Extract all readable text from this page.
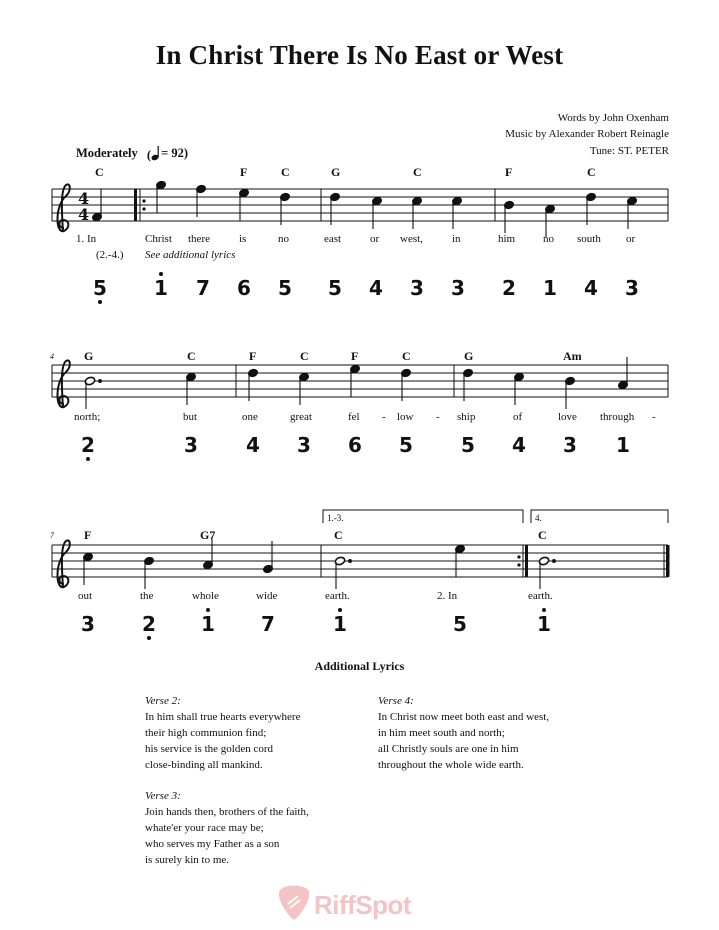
In Christ There Is No East or West
Words by John Oxenham
Music by Alexander Robert Reinagle
Tune: ST. PETER
Moderately ( = 92)
4
4
4
7
1.-3.	4.
C	F	C	G	C	F	C
1. In	Christ there	is	no	east	or west,	in	him	no south or
(2.-4.) See additional lyrics
5 1 7 6 5 5 4 3 3 2 1 4 3
G	C	F	C	F	C	G	Am
north;	but	one	great	fel - low - ship	of	love through -
2	3 4 3 6 5 5 4 3 1
F	G7	C	C
out	the	whole	wide	earth.	2. In	earth.
3 2 1 7	1	5	1
Additional Lyrics
Verse 2:
In him shall true hearts everywhere
their high communion find;
his service is the golden cord
close-binding all mankind.
Verse 3:
Join hands then, brothers of the faith,
whate'er your race may be;
who serves my Father as a son
is surely kin to me.
Verse 4:
In Christ now meet both east and west,
in him meet south and north;
all Christly souls are one in him
throughout the whole wide earth.
RiffSpot
